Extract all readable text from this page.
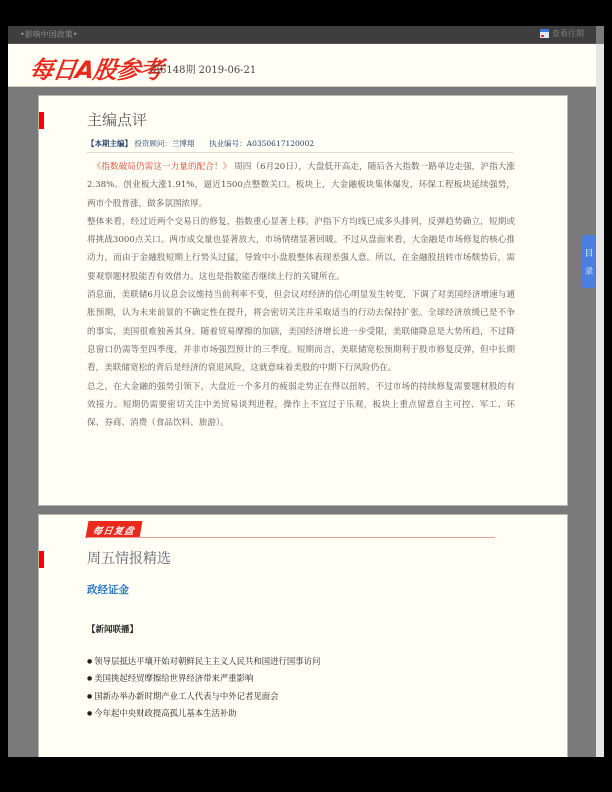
•影响中国政策•	查看往期
每日A股参考
第6148期 2019-06-21
主编点评
【本期主编】 投资顾问：兰博翔 执业编号：A0350617120002

《指数破局仍需这一力量的配合！》 周四（6月20日），大盘低开高走，随后各大指数一路单边走强，沪指大涨2.38%。创业板大涨1.91%，逼近1500点整数关口。板块上，大金融板块集体爆发，环保工程板块延续强势，两市个股普涨，做多氛围浓厚。

整体来看，经过近两个交易日的修复，指数重心显著上移。沪指下方均线已成多头排列，反弹趋势确立，短期或将挑战3000点关口。两市成交量也显著放大，市场情绪显著回暖。不过从盘面来看，大金融是市场修复的核心推动力，而由于金融股短期上行势头过猛，导致中小盘股整体表现差强人意。所以，在金融股扭转市场颓势后，需要观察题材股能否有效借力。这也是指数能否继续上行的关键所在。

消息面，美联储6月议息会议维持当前利率不变，但会议对经济的信心明显发生转变，下调了对美国经济增速与通胀预期，认为未来前景的不确定性在提升，将会密切关注并采取适当的行动去保持扩张。全球经济放缓已是不争的事实，美国很难独善其身。随着贸易摩擦的加剧，美国经济增长进一步受限，美联储降息是大势所趋，不过降息窗口仍需等至四季度，并非市场强烈预计的三季度。短期而言，美联储宽松预期利于股市修复反弹，但中长期看，美联储宽松的背后是经济的衰退风险，这就意味着美股的中期下行风险仍在。

总之，在大金融的强势引领下，大盘近一个多月的疲弱走势正在得以扭转，不过市场的持续修复需要题材股的有效接力。短期仍需要密切关注中美贸易谈判进程，操作上不宜过于乐观，板块上重点留意自主可控、军工、环保、券商、消费（食品饮料、旅游）。

每日复盘
周五情报精选
政经证金
【新闻联播】
● 领导层抵达平壤开始对朝鲜民主主义人民共和国进行国事访问
● 美国挑起经贸摩擦给世界经济带来严重影响
● 国新办举办新时期产业工人代表与中外记者见面会
● 今年起中央财政提高孤儿基本生活补助
目
录
